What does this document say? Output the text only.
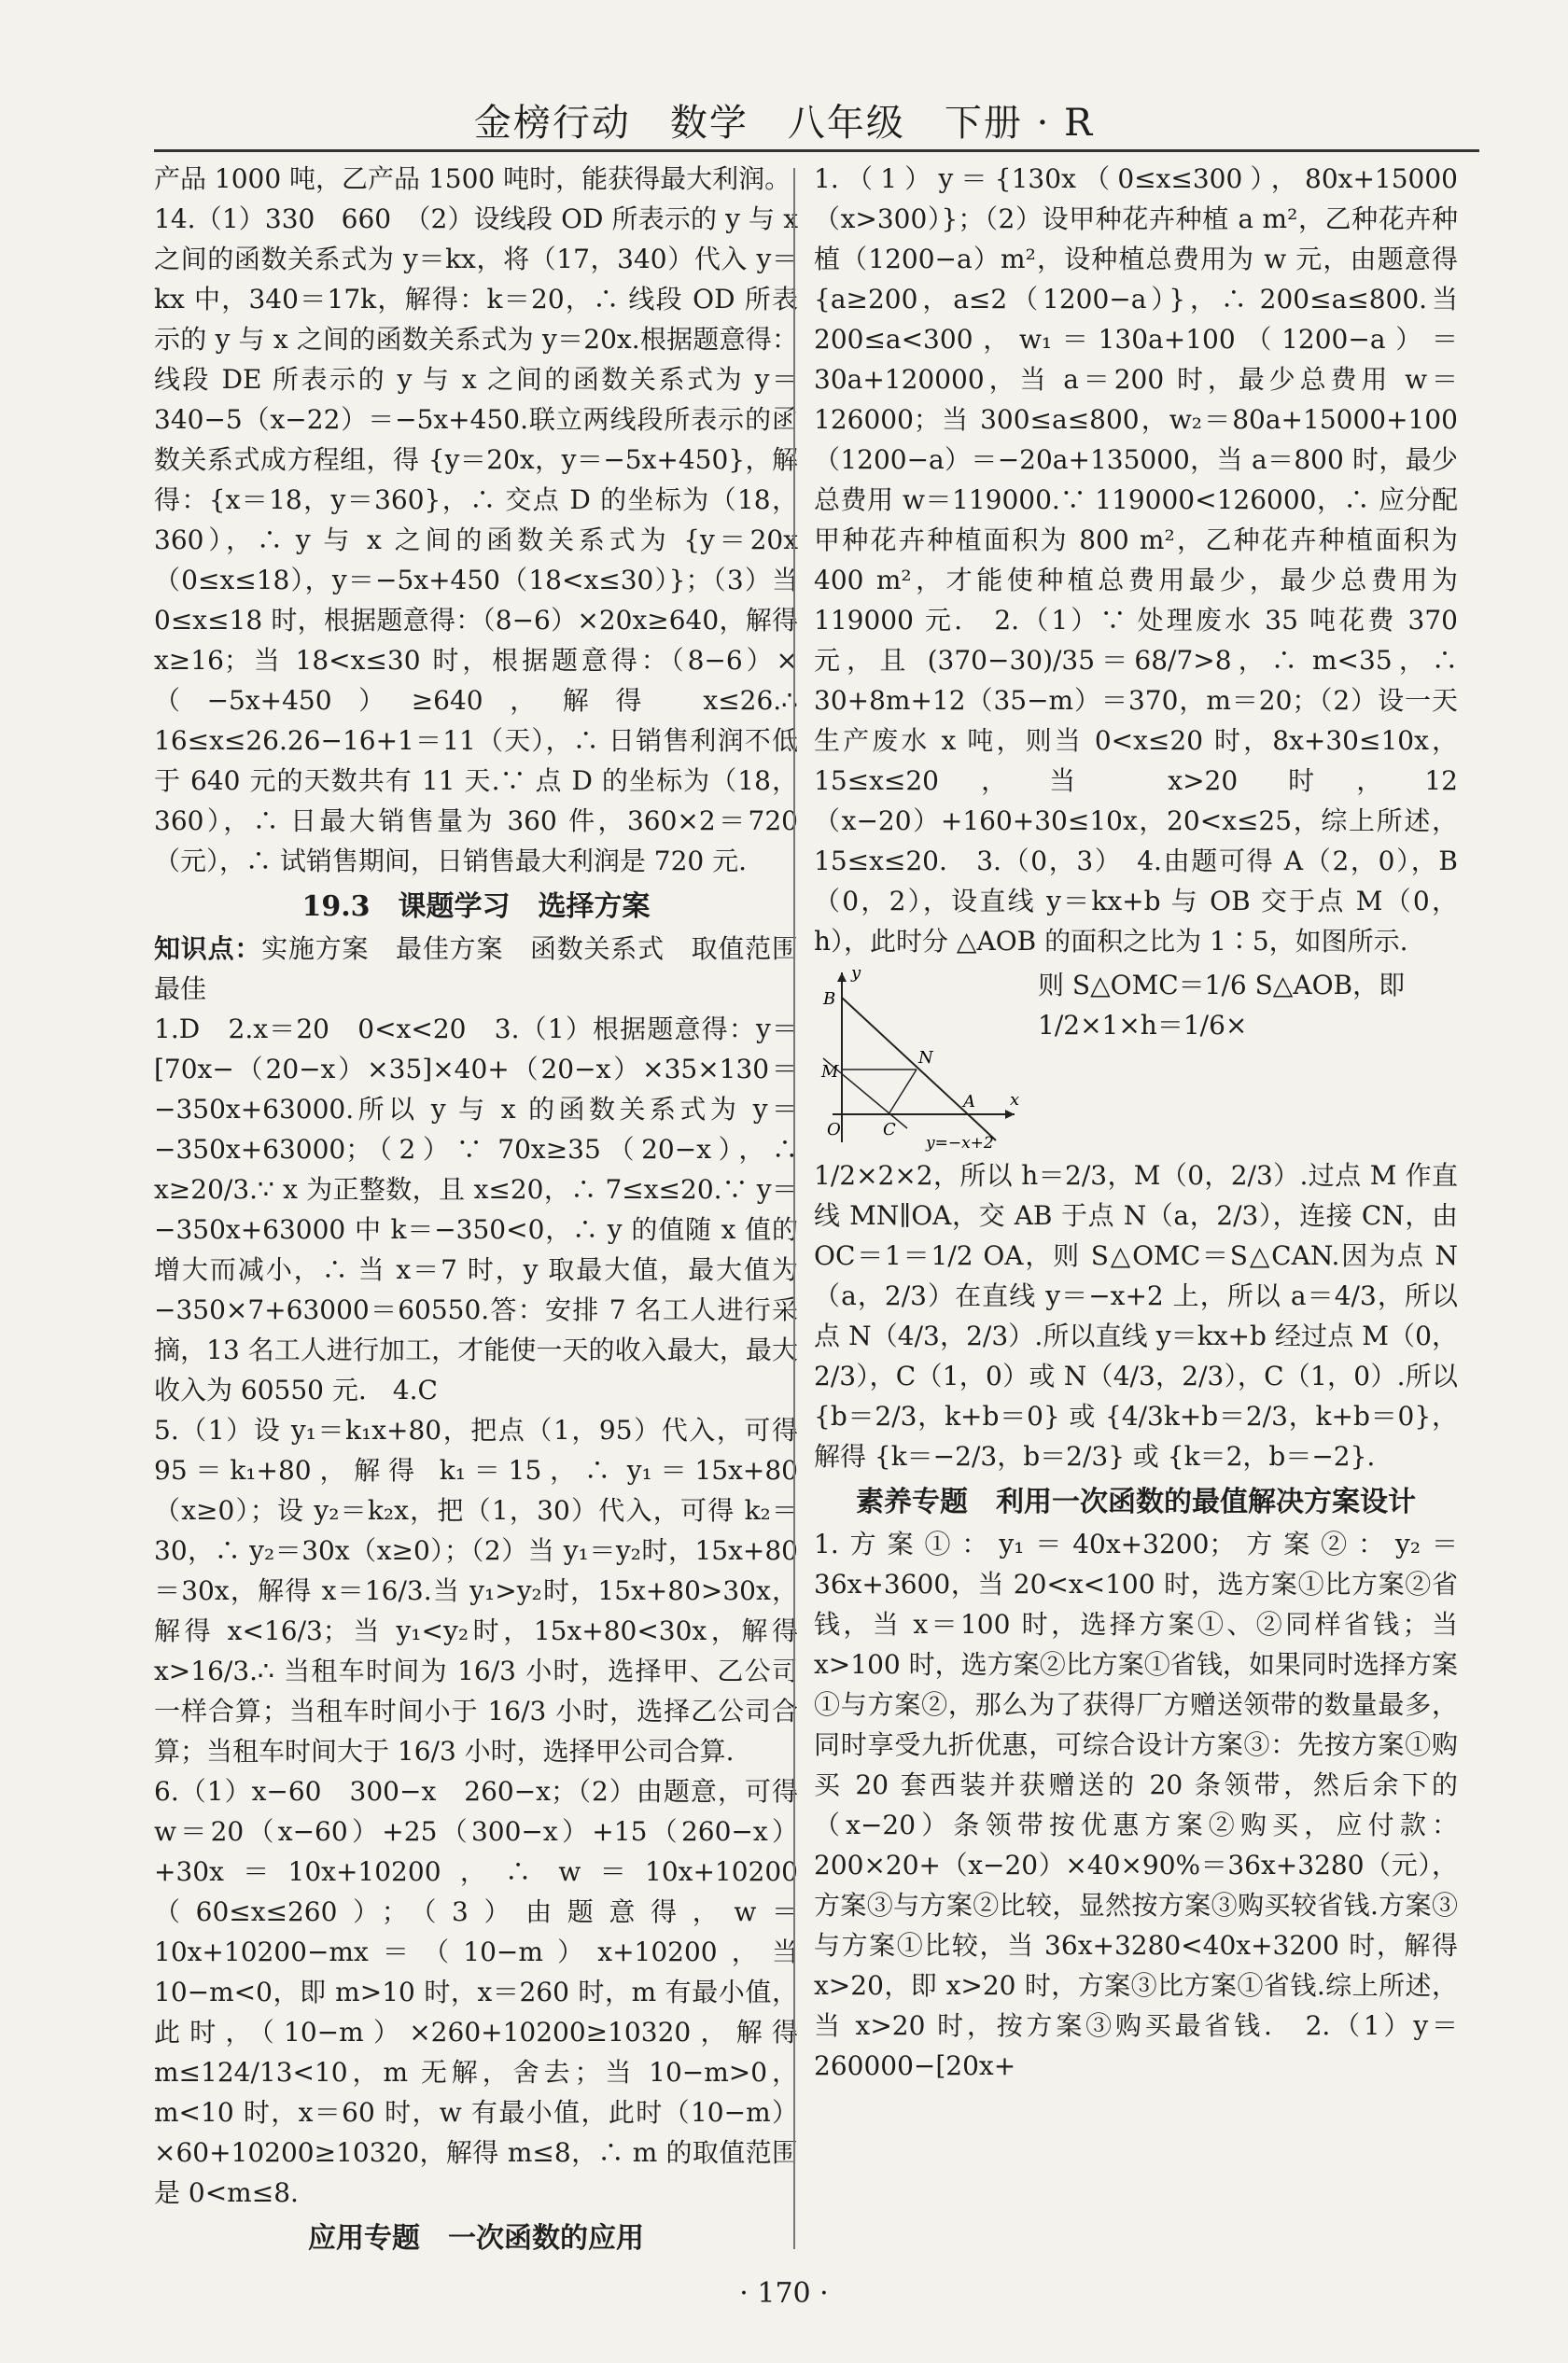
金榜行动　数学　八年级　下册 · R

产品 1000 吨，乙产品 1500 吨时，能获得最大利润。

14.（1）330　660　（2）设线段 OD 所表示的 y 与 x 之间的函数关系式为 y＝kx，将（17，340）代入 y＝kx 中，340＝17k，解得：k＝20，∴ 线段 OD 所表示的 y 与 x 之间的函数关系式为 y＝20x.根据题意得：线段 DE 所表示的 y 与 x 之间的函数关系式为 y＝340−5（x−22）＝−5x+450.联立两线段所表示的函数关系式成方程组，得 {y＝20x，y＝−5x+450}，解得：{x＝18，y＝360}，∴ 交点 D 的坐标为（18，360），∴ y 与 x 之间的函数关系式为 {y＝20x（0≤x≤18），y＝−5x+450（18<x≤30）}；（3）当 0≤x≤18 时，根据题意得：（8−6）×20x≥640，解得 x≥16；当 18<x≤30 时，根据题意得：（8−6）×（−5x+450）≥640，解得 x≤26.∴ 16≤x≤26.26−16+1＝11（天），∴ 日销售利润不低于 640 元的天数共有 11 天.∵ 点 D 的坐标为（18，360），∴ 日最大销售量为 360 件，360×2＝720（元），∴ 试销售期间，日销售最大利润是 720 元.

19.3　课题学习　选择方案

知识点：实施方案　最佳方案　函数关系式　取值范围　最佳

1.D　2.x＝20　0<x<20　3.（1）根据题意得：y＝[70x−（20−x）×35]×40+（20−x）×35×130＝−350x+63000.所以 y 与 x 的函数关系式为 y＝−350x+63000；（2）∵ 70x≥35（20−x），∴ x≥20/3.∵ x 为正整数，且 x≤20，∴ 7≤x≤20.∵ y＝−350x+63000 中 k＝−350<0，∴ y 的值随 x 值的增大而减小，∴ 当 x＝7 时，y 取最大值，最大值为−350×7+63000＝60550.答：安排 7 名工人进行采摘，13 名工人进行加工，才能使一天的收入最大，最大收入为 60550 元.　4.C

5.（1）设 y₁＝k₁x+80，把点（1，95）代入，可得 95＝k₁+80，解得 k₁＝15，∴ y₁＝15x+80（x≥0）；设 y₂＝k₂x，把（1，30）代入，可得 k₂＝30，∴ y₂＝30x（x≥0）；（2）当 y₁＝y₂时，15x+80＝30x，解得 x＝16/3.当 y₁>y₂时，15x+80>30x，解得 x<16/3；当 y₁<y₂时，15x+80<30x，解得 x>16/3.∴ 当租车时间为 16/3 小时，选择甲、乙公司一样合算；当租车时间小于 16/3 小时，选择乙公司合算；当租车时间大于 16/3 小时，选择甲公司合算.

6.（1）x−60　300−x　260−x；（2）由题意，可得 w＝20（x−60）+25（300−x）+15（260−x）+30x＝10x+10200，∴ w＝10x+10200（60≤x≤260）；（3）由题意得，w＝10x+10200−mx＝（10−m）x+10200，当 10−m<0，即 m>10 时，x＝260 时，m 有最小值，此时，（10−m）×260+10200≥10320，解得 m≤124/13<10，m 无解，舍去；当 10−m>0，m<10 时，x＝60 时，w 有最小值，此时（10−m）×60+10200≥10320，解得 m≤8，∴ m 的取值范围是 0<m≤8.

应用专题　一次函数的应用

1.（1）y＝{130x（0≤x≤300），80x+15000（x>300）}；（2）设甲种花卉种植 a m²，乙种花卉种植（1200−a）m²，设种植总费用为 w 元，由题意得 {a≥200，a≤2（1200−a）}，∴ 200≤a≤800.当 200≤a<300，w₁＝130a+100（1200−a）＝30a+120000，当 a＝200 时，最少总费用 w＝126000；当 300≤a≤800，w₂＝80a+15000+100（1200−a）＝−20a+135000，当 a＝800 时，最少总费用 w＝119000.∵ 119000<126000，∴ 应分配甲种花卉种植面积为 800 m²，乙种花卉种植面积为 400 m²，才能使种植总费用最少，最少总费用为 119000 元.　2.（1）∵ 处理废水 35 吨花费 370 元，且 (370−30)/35＝68/7>8，∴ m<35，∴ 30+8m+12（35−m）＝370，m＝20；（2）设一天生产废水 x 吨，则当 0<x≤20 时，8x+30≤10x，15≤x≤20，当 x>20 时，12（x−20）+160+30≤10x，20<x≤25，综上所述，15≤x≤20.　3.（0，3）　4.由题可得 A（2，0），B（0，2），设直线 y＝kx+b 与 OB 交于点 M（0，h），此时分 △AOB 的面积之比为 1∶5，如图所示.

y
x
B
N
M
O	C
A
y=−x+2
则 S△OMC＝1/6 S△AOB，即 1/2×1×h＝1/6×

1/2×2×2，所以 h＝2/3，M（0，2/3）.过点 M 作直线 MN∥OA，交 AB 于点 N（a，2/3），连接 CN，由 OC＝1＝1/2 OA，则 S△OMC＝S△CAN.因为点 N（a，2/3）在直线 y＝−x+2 上，所以 a＝4/3，所以点 N（4/3，2/3）.所以直线 y＝kx+b 经过点 M（0，2/3），C（1，0）或 N（4/3，2/3），C（1，0）.所以 {b＝2/3，k+b＝0} 或 {4/3k+b＝2/3，k+b＝0}，解得 {k＝−2/3，b＝2/3} 或 {k＝2，b＝−2}.

素养专题　利用一次函数的最值解决方案设计

1.方案①：y₁＝40x+3200；方案②：y₂＝36x+3600，当 20<x<100 时，选方案①比方案②省钱，当 x＝100 时，选择方案①、②同样省钱；当 x>100 时，选方案②比方案①省钱，如果同时选择方案①与方案②，那么为了获得厂方赠送领带的数量最多，同时享受九折优惠，可综合设计方案③：先按方案①购买 20 套西装并获赠送的 20 条领带，然后余下的（x−20）条领带按优惠方案②购买，应付款：200×20+（x−20）×40×90%＝36x+3280（元），方案③与方案②比较，显然按方案③购买较省钱.方案③与方案①比较，当 36x+3280<40x+3200 时，解得 x>20，即 x>20 时，方案③比方案①省钱.综上所述，当 x>20 时，按方案③购买最省钱.　2.（1）y＝260000−[20x+

· 170 ·
